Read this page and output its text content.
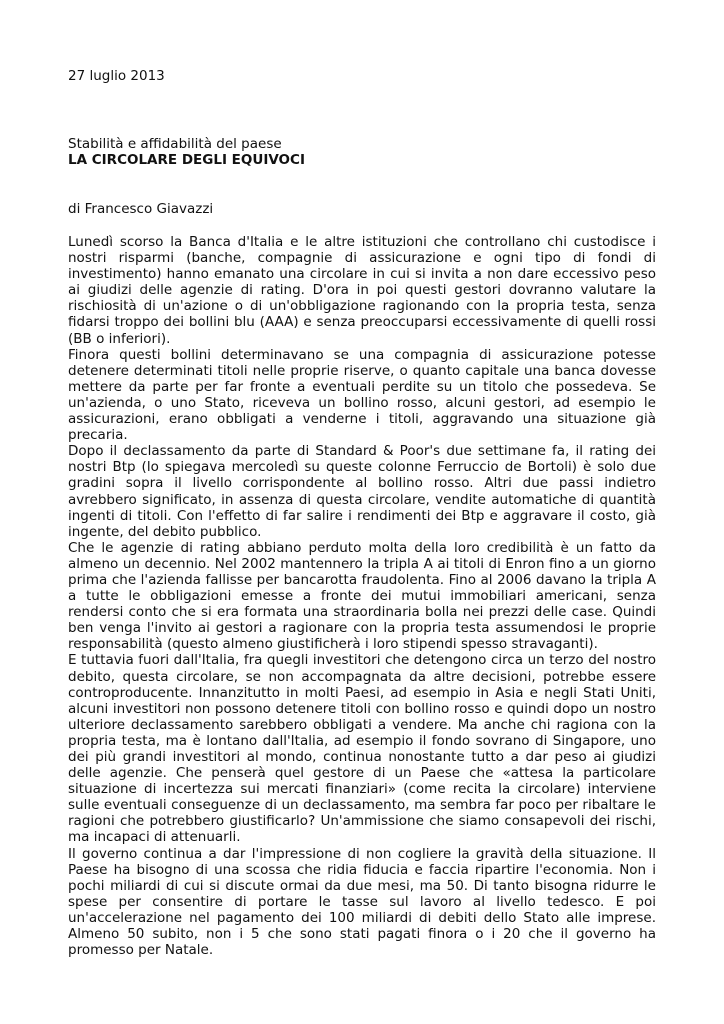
27 luglio 2013

Stabilità e affidabilità del paese

LA CIRCOLARE DEGLI EQUIVOCI

di Francesco Giavazzi

Lunedì scorso la Banca d'Italia e le altre istituzioni che controllano chi custodisce i nostri risparmi (banche, compagnie di assicurazione e ogni tipo di fondi di investimento) hanno emanato una circolare in cui si invita a non dare eccessivo peso ai giudizi delle agenzie di rating. D'ora in poi questi gestori dovranno valutare la rischiosità di un'azione o di un'obbligazione ragionando con la propria testa, senza fidarsi troppo dei bollini blu (AAA) e senza preoccuparsi eccessivamente di quelli rossi (BB o inferiori).

Finora questi bollini determinavano se una compagnia di assicurazione potesse detenere determinati titoli nelle proprie riserve, o quanto capitale una banca dovesse mettere da parte per far fronte a eventuali perdite su un titolo che possedeva. Se un'azienda, o uno Stato, riceveva un bollino rosso, alcuni gestori, ad esempio le assicurazioni, erano obbligati a venderne i titoli, aggravando una situazione già precaria.

Dopo il declassamento da parte di Standard & Poor's due settimane fa, il rating dei nostri Btp (lo spiegava mercoledì su queste colonne Ferruccio de Bortoli) è solo due gradini sopra il livello corrispondente al bollino rosso. Altri due passi indietro avrebbero significato, in assenza di questa circolare, vendite automatiche di quantità ingenti di titoli. Con l'effetto di far salire i rendimenti dei Btp e aggravare il costo, già ingente, del debito pubblico.

Che le agenzie di rating abbiano perduto molta della loro credibilità è un fatto da almeno un decennio. Nel 2002 mantennero la tripla A ai titoli di Enron fino a un giorno prima che l'azienda fallisse per bancarotta fraudolenta. Fino al 2006 davano la tripla A a tutte le obbligazioni emesse a fronte dei mutui immobiliari americani, senza rendersi conto che si era formata una straordinaria bolla nei prezzi delle case. Quindi ben venga l'invito ai gestori a ragionare con la propria testa assumendosi le proprie responsabilità (questo almeno giustificherà i loro stipendi spesso stravaganti).

E tuttavia fuori dall'Italia, fra quegli investitori che detengono circa un terzo del nostro debito, questa circolare, se non accompagnata da altre decisioni, potrebbe essere controproducente. Innanzitutto in molti Paesi, ad esempio in Asia e negli Stati Uniti, alcuni investitori non possono detenere titoli con bollino rosso e quindi dopo un nostro ulteriore declassamento sarebbero obbligati a vendere. Ma anche chi ragiona con la propria testa, ma è lontano dall'Italia, ad esempio il fondo sovrano di Singapore, uno dei più grandi investitori al mondo, continua nonostante tutto a dar peso ai giudizi delle agenzie. Che penserà quel gestore di un Paese che «attesa la particolare situazione di incertezza sui mercati finanziari» (come recita la circolare) interviene sulle eventuali conseguenze di un declassamento, ma sembra far poco per ribaltare le ragioni che potrebbero giustificarlo? Un'ammissione che siamo consapevoli dei rischi, ma incapaci di attenuarli.

Il governo continua a dar l'impressione di non cogliere la gravità della situazione. Il Paese ha bisogno di una scossa che ridia fiducia e faccia ripartire l'economia. Non i pochi miliardi di cui si discute ormai da due mesi, ma 50. Di tanto bisogna ridurre le spese per consentire di portare le tasse sul lavoro al livello tedesco. E poi un'accelerazione nel pagamento dei 100 miliardi di debiti dello Stato alle imprese. Almeno 50 subito, non i 5 che sono stati pagati finora o i 20 che il governo ha promesso per Natale.
